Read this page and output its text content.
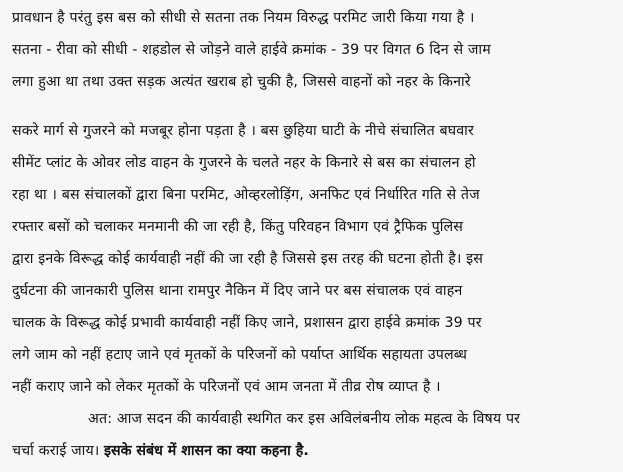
प्रावधान है परंतु इस बस को सीधी से सतना तक नियम विरुद्ध परमिट जारी किया गया है ।
सतना - रीवा को सीधी - शहडोल से जोड़ने वाले हाईवे क्रमांक - 39 पर विगत 6 दिन से जाम
लगा हुआ था तथा उक्त सड़क अत्यंत खराब हो चुकी है, जिससे वाहनों को नहर के किनारे
सकरे मार्ग से गुजरने को मजबूर होना पड़ता है । बस छुहिया घाटी के नीचे संचालित बघवार
सीमेंट प्लांट के ओवर लोड वाहन के गुजरने के चलते नहर के किनारे से बस का संचालन हो
रहा था । बस संचालकों द्वारा बिना परमिट, ओव्हरलोड़िंग, अनफिट एवं निर्धारित गति से तेज
रफ्तार बसों को चलाकर मनमानी की जा रही है, किंतु परिवहन विभाग एवं ट्रैफिक पुलिस
द्वारा इनके विरूद्ध कोई कार्यवाही नहीं की जा रही है जिससे इस तरह की घटना होती है। इस
दुर्घटना की जानकारी पुलिस थाना रामपुर नैकिन में दिए जाने पर बस संचालक एवं वाहन
चालक के विरूद्ध कोई प्रभावी कार्यवाही नहीं किए जाने, प्रशासन द्वारा हाईवे क्रमांक 39 पर
लगे जाम को नहीं हटाए जाने एवं मृतकों के परिजनों को पर्याप्त आर्थिक सहायता उपलब्ध
नहीं कराए जाने को लेकर मृतकों के परिजनों एवं आम जनता में तीव्र रोष व्याप्त है ।
अत: आज सदन की कार्यवाही स्थगित कर इस अविलंबनीय लोक महत्व के विषय पर
चर्चा कराई जाय। इसके संबंध में शासन का क्या कहना है.
